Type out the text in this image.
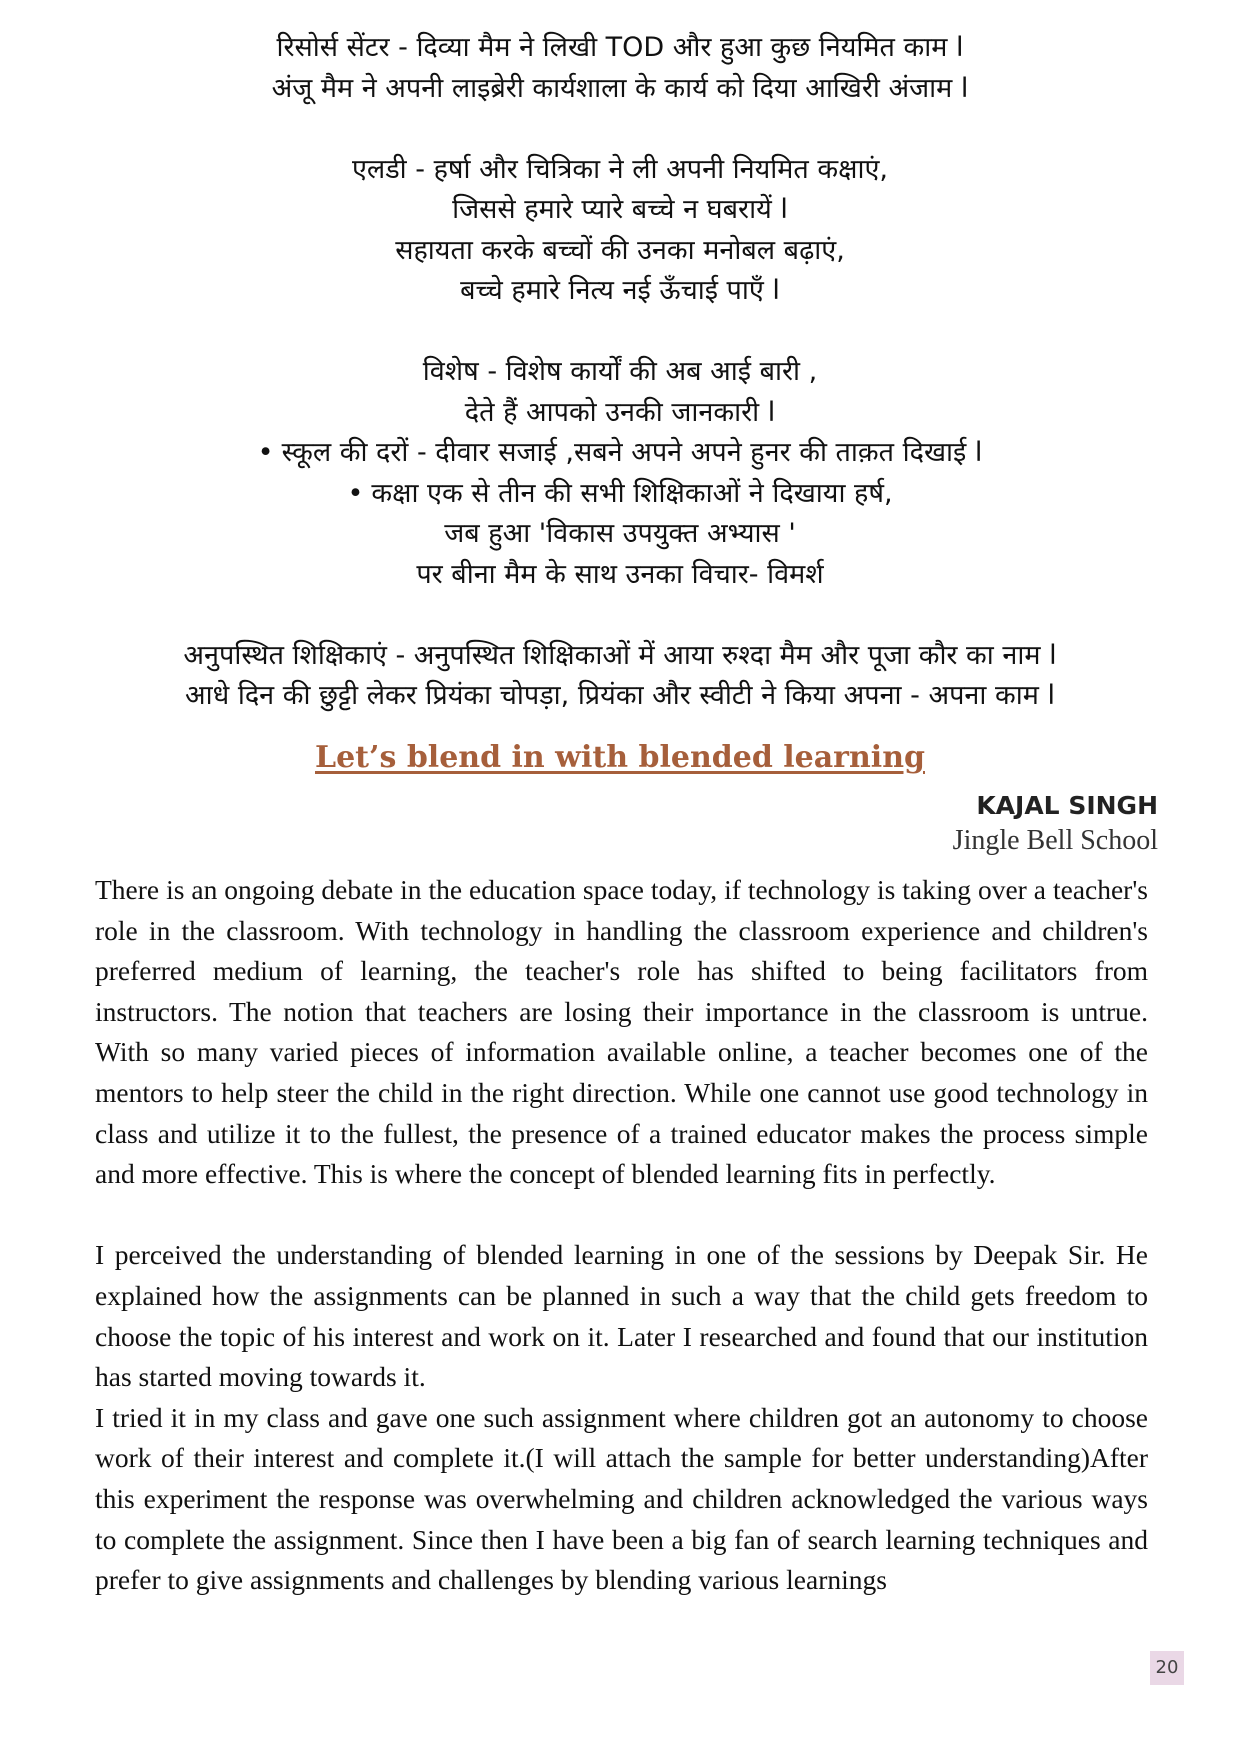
रिसोर्स सेंटर - दिव्या मैम ने लिखी TOD और हुआ कुछ नियमित काम l
अंजू मैम ने अपनी लाइब्रेरी कार्यशाला के कार्य को दिया आखिरी अंजाम l
एलडी - हर्षा और चित्रिका ने ली अपनी नियमित कक्षाएं,
जिससे हमारे प्यारे बच्चे न घबरायें l
सहायता करके बच्चों की उनका मनोबल बढ़ाएं,
बच्चे हमारे नित्य नई ऊँचाई पाएँ l
विशेष - विशेष कार्यों की अब आई बारी ,
देते हैं आपको उनकी जानकारी l
• स्कूल की दरों - दीवार सजाई ,सबने अपने अपने हुनर की ताक़त दिखाई l
• कक्षा एक से तीन की सभी शिक्षिकाओं ने दिखाया हर्ष,
जब हुआ 'विकास उपयुक्त अभ्यास '
पर बीना मैम के साथ उनका विचार- विमर्श
अनुपस्थित शिक्षिकाएं - अनुपस्थित शिक्षिकाओं में आया रुश्दा मैम और पूजा कौर का नाम l
आधे दिन की छुट्टी लेकर प्रियंका चोपड़ा, प्रियंका और स्वीटी ने किया अपना - अपना काम l
Let’s blend in with blended learning
KAJAL SINGH
Jingle Bell School

There is an ongoing debate in the education space today, if technology is taking over a teacher's role in the classroom. With technology in handling the classroom experience and children's preferred medium of learning, the teacher's role has shifted to being facilitators from instructors. The notion that teachers are losing their importance in the classroom is untrue. With so many varied pieces of information available online, a teacher becomes one of the mentors to help steer the child in the right direction. While one cannot use good technology in class and utilize it to the fullest, the presence of a trained educator makes the process simple and more effective. This is where the concept of blended learning fits in perfectly.

I perceived the understanding of blended learning in one of the sessions by Deepak Sir. He explained how the assignments can be planned in such a way that the child gets freedom to choose the topic of his interest and work on it. Later I researched and found that our institution has started moving towards it.

I tried it in my class and gave one such assignment where children got an autonomy to choose work of their interest and complete it.(I will attach the sample for better understanding)After this experiment the response was overwhelming and children acknowledged the various ways to complete the assignment. Since then I have been a big fan of search learning techniques and prefer to give assignments and challenges by blending various learnings

20
